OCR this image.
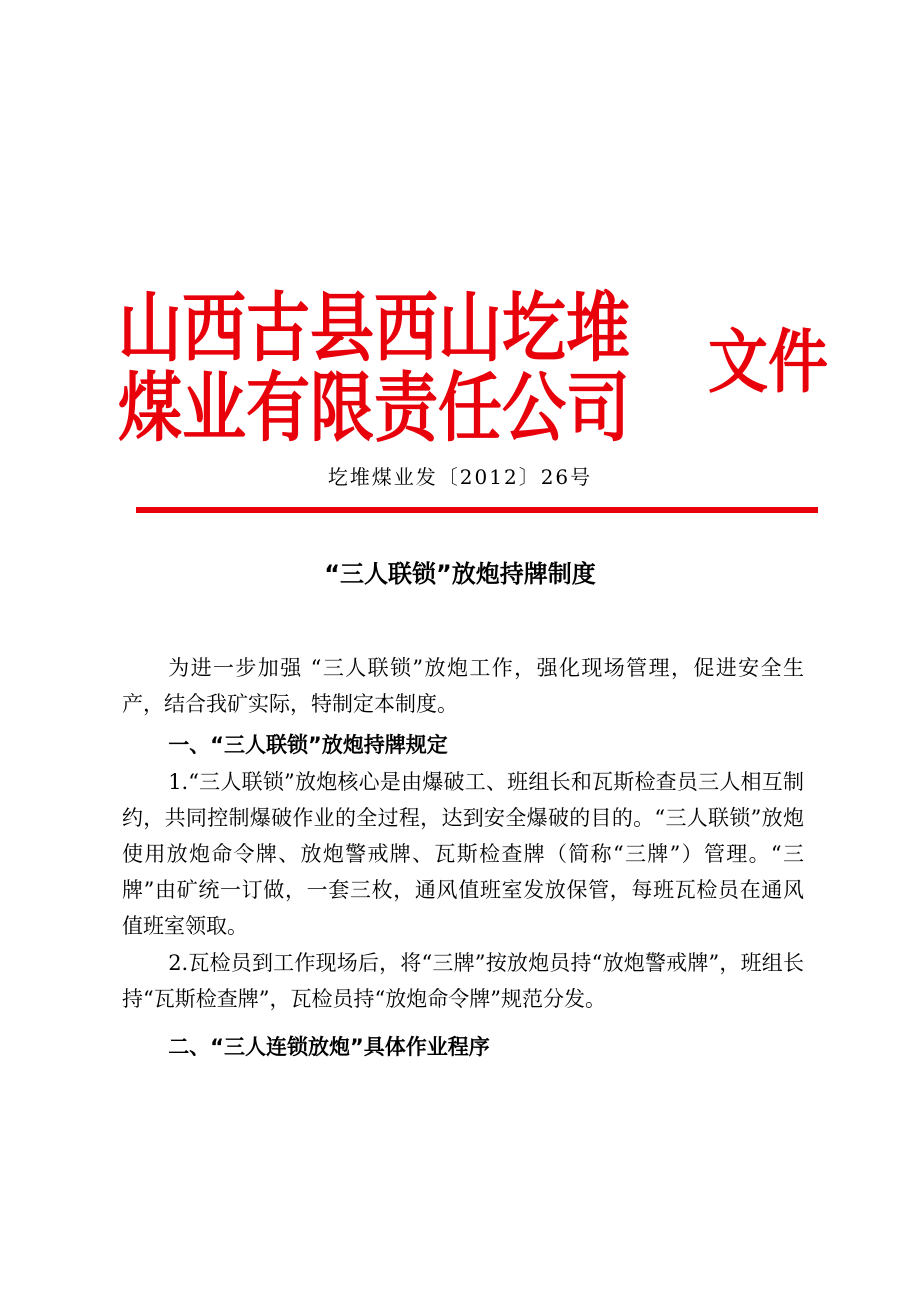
山西古县西山圪堆
煤业有限责任公司
文件
圪堆煤业发〔2012〕26号
“三人联锁”放炮持牌制度

为进一步加强 “三人联锁”放炮工作，强化现场管理，促进安全生产，结合我矿实际，特制定本制度。

一、“三人联锁”放炮持牌规定

1.“三人联锁”放炮核心是由爆破工、班组长和瓦斯检查员三人相互制约，共同控制爆破作业的全过程，达到安全爆破的目的。“三人联锁”放炮使用放炮命令牌、放炮警戒牌、瓦斯检查牌（简称“三牌”）管理。“三牌”由矿统一订做，一套三枚，通风值班室发放保管，每班瓦检员在通风值班室领取。

2.瓦检员到工作现场后，将“三牌”按放炮员持“放炮警戒牌”，班组长持“瓦斯检查牌”，瓦检员持“放炮命令牌”规范分发。

二、“三人连锁放炮”具体作业程序
